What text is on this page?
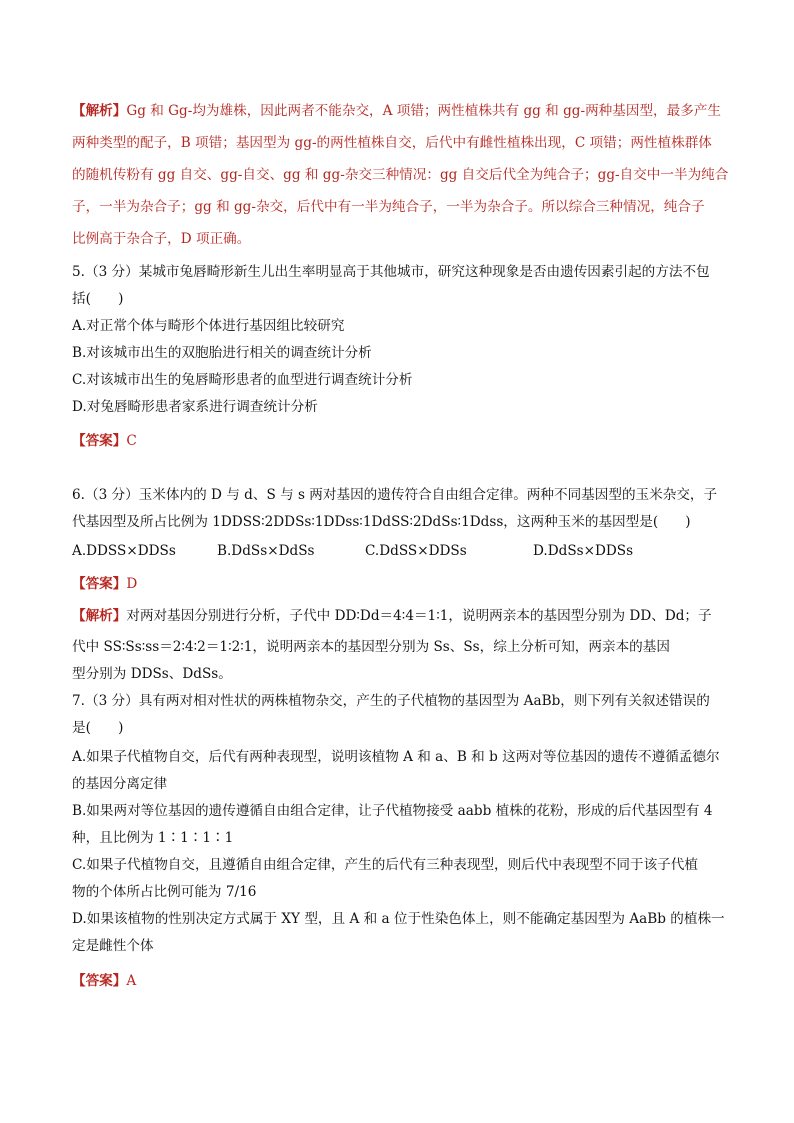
【解析】Gg 和 Gg-均为雄株，因此两者不能杂交，A 项错；两性植株共有 gg 和 gg-两种基因型，最多产生
两种类型的配子，B 项错；基因型为 gg-的两性植株自交，后代中有雌性植株出现，C 项错；两性植株群体
的随机传粉有 gg 自交、gg-自交、gg 和 gg-杂交三种情况：gg 自交后代全为纯合子；gg-自交中一半为纯合
子，一半为杂合子；gg 和 gg-杂交，后代中有一半为纯合子，一半为杂合子。所以综合三种情况，纯合子
比例高于杂合子，D 项正确。
5.（3 分）某城市兔唇畸形新生儿出生率明显高于其他城市，研究这种现象是否由遗传因素引起的方法不包
括(　　)
A.对正常个体与畸形个体进行基因组比较研究
B.对该城市出生的双胞胎进行相关的调查统计分析
C.对该城市出生的兔唇畸形患者的血型进行调查统计分析
D.对兔唇畸形患者家系进行调查统计分析
【答案】C
6.（3 分）玉米体内的 D 与 d、S 与 s 两对基因的遗传符合自由组合定律。两种不同基因型的玉米杂交，子
代基因型及所占比例为 1DDSS∶2DDSs∶1DDss∶1DdSS∶2DdSs∶1Ddss，这两种玉米的基因型是(　　)
A.DDSS×DDSs	B.DdSs×DdSs	C.DdSS×DDSs	D.DdSs×DDSs
【答案】D
【解析】对两对基因分别进行分析，子代中 DD∶Dd＝4∶4＝1∶1，说明两亲本的基因型分别为 DD、Dd；子
代中 SS∶Ss∶ss＝2∶4∶2＝1∶2∶1，说明两亲本的基因型分别为 Ss、Ss，综上分析可知，两亲本的基因
型分别为 DDSs、DdSs。
7.（3 分）具有两对相对性状的两株植物杂交，产生的子代植物的基因型为 AaBb，则下列有关叙述错误的
是(　　)
A.如果子代植物自交，后代有两种表现型，说明该植物 A 和 a、B 和 b 这两对等位基因的遗传不遵循孟德尔
的基因分离定律
B.如果两对等位基因的遗传遵循自由组合定律，让子代植物接受 aabb 植株的花粉，形成的后代基因型有 4
种，且比例为 1∶1∶1∶1
C.如果子代植物自交，且遵循自由组合定律，产生的后代有三种表现型，则后代中表现型不同于该子代植
物的个体所占比例可能为 7/16
D.如果该植物的性别决定方式属于 XY 型，且 A 和 a 位于性染色体上，则不能确定基因型为 AaBb 的植株一
定是雌性个体
【答案】A
